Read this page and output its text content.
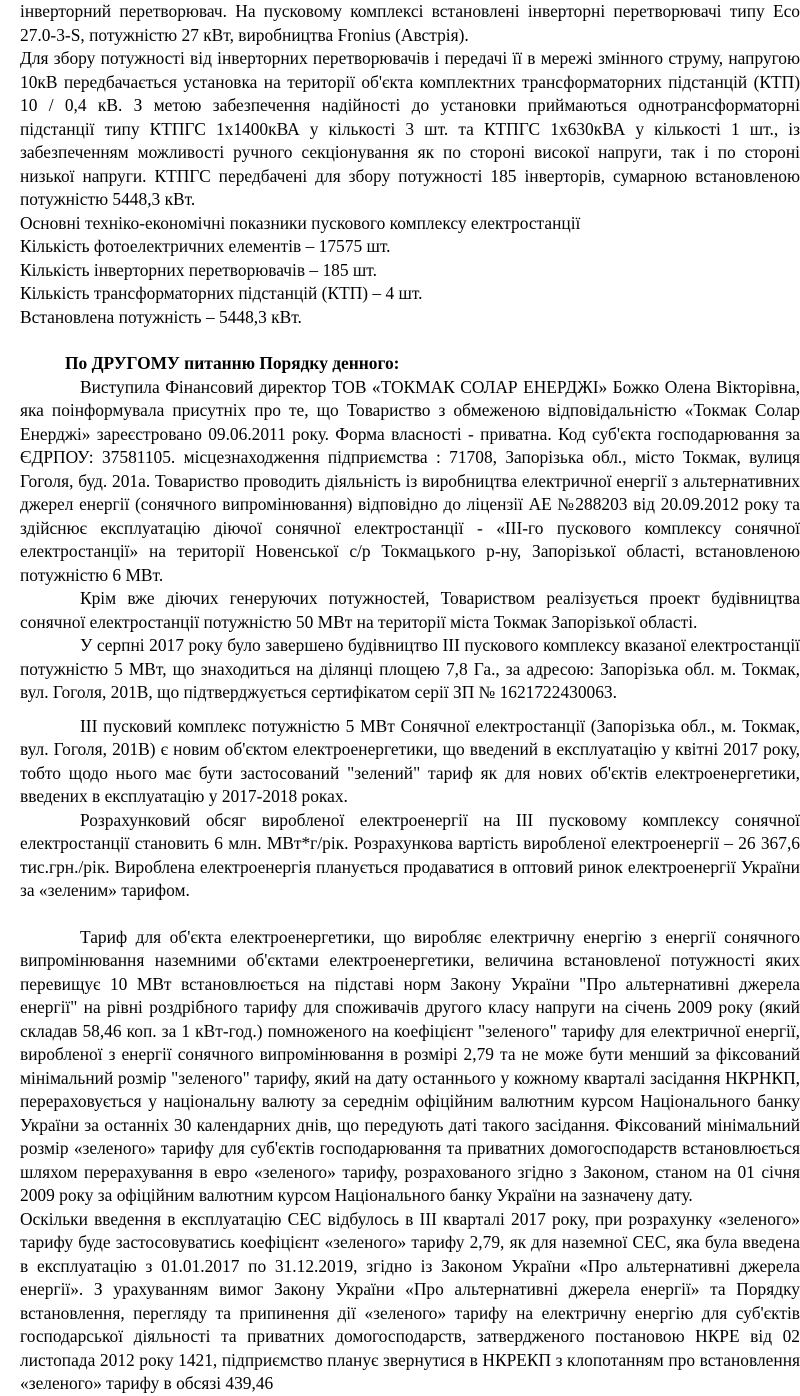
інверторний перетворювач. На пусковому комплексі встановлені інверторні перетворювачі типу Eco 27.0-3-S, потужністю 27 кВт, виробництва Fronius (Австрія).

Для збору потужності від інверторних перетворювачів і передачі її в мережі змінного струму, напругою 10кВ передбачається установка на території об'єкта комплектних трансформаторних підстанцій (КТП) 10 / 0,4 кВ. З метою забезпечення надійності до установки приймаються однотрансформаторні підстанції типу КТПГС 1х1400кВА у кількості 3 шт. та КТПГС 1х630кВА у кількості 1 шт., із забезпеченням можливості ручного секціонування як по стороні високої напруги, так і по стороні низької напруги. КТПГС передбачені для збору потужності 185 інверторів, сумарною встановленою потужністю 5448,3 кВт.

Основні техніко-економічні показники пускового комплексу електростанції

Кількість фотоелектричних елементів – 17575 шт.

Кількість інверторних перетворювачів – 185 шт.

Кількість трансформаторних підстанцій (КТП) – 4 шт.

Встановлена потужність – 5448,3 кВт.

По ДРУГОМУ питанню Порядку денного:

Виступила Фінансовий директор ТОВ «ТОКМАК СОЛАР ЕНЕРДЖІ» Божко Олена Вікторівна, яка поінформувала присутніх про те, що Товариство з обмеженою відповідальністю «Токмак Солар Енерджі» зареєстровано 09.06.2011 року. Форма власності - приватна. Код суб'єкта господарювання за ЄДРПОУ: 37581105. місцезнаходження підприємства : 71708, Запорізька обл., місто Токмак, вулиця Гоголя, буд. 201а. Товариство проводить діяльність із виробництва електричної енергії з альтернативних джерел енергії (сонячного випромінювання) відповідно до ліцензії АЕ №288203 від 20.09.2012 року та здійснює експлуатацію діючої сонячної електростанції - «ІІІ-го пускового комплексу сонячної електростанції» на території Новенської с/р Токмацького р-ну, Запорізької області, встановленою потужністю 6 МВт.

Крім вже діючих генеруючих потужностей, Товариством реалізується проект будівництва сонячної електростанції потужністю 50 МВт на території міста Токмак Запорізької області.

У серпні 2017 року було завершено будівництво ІІІ пускового комплексу вказаної електростанції потужністю 5 МВт, що знаходиться на ділянці площею 7,8 Га., за адресою: Запорізька обл. м. Токмак, вул. Гоголя, 201В, що підтверджується сертифікатом серії ЗП № 1621722430063.

ІІІ пусковий комплекс потужністю 5 МВт Сонячної електростанції (Запорізька обл., м. Токмак, вул. Гоголя, 201В) є новим об'єктом електроенергетики, що введений в експлуатацію у квітні 2017 року, тобто щодо нього має бути застосований "зелений" тариф як для нових об'єктів електроенергетики, введених в експлуатацію у 2017-2018 роках.

Розрахунковий обсяг виробленої електроенергії на ІІІ пусковому комплексу сонячної електростанції становить 6 млн. МВт*г/рік. Розрахункова вартість виробленої електроенергії – 26 367,6 тис.грн./рік. Вироблена електроенергія планується продаватися в оптовий ринок електроенергії України за «зеленим» тарифом.

Тариф для об'єкта електроенергетики, що виробляє електричну енергію з енергії сонячного випромінювання наземними об'єктами електроенергетики, величина встановленої потужності яких перевищує 10 МВт встановлюється на підставі норм Закону України "Про альтернативні джерела енергії" на рівні роздрібного тарифу для споживачів другого класу напруги на січень 2009 року (який складав 58,46 коп. за 1 кВт-год.) помноженого на коефіцієнт "зеленого" тарифу для електричної енергії, виробленої з енергії сонячного випромінювання в розмірі 2,79 та не може бути менший за фіксований мінімальний розмір "зеленого" тарифу, який на дату останнього у кожному кварталі засідання НКРНКП, перераховується у національну валюту за середнім офіційним валютним курсом Національного банку України за останніх 30 календарних днів, що передують даті такого засідання. Фіксований мінімальний розмір «зеленого» тарифу для суб'єктів господарювання та приватних домогосподарств встановлюється шляхом перерахування в евро «зеленого» тарифу, розрахованого згідно з Законом, станом на 01 січня 2009 року за офіційним валютним курсом Національного банку України на зазначену дату.

Оскільки введення в експлуатацію СЕС відбулось в ІІІ кварталі 2017 року, при розрахунку «зеленого» тарифу буде застосовуватись коефіцієнт «зеленого» тарифу 2,79, як для наземної СЕС, яка була введена в експлуатацію з 01.01.2017 по 31.12.2019, згідно із Законом України «Про альтернативні джерела енергії». З урахуванням вимог Закону України «Про альтернативні джерела енергії» та Порядку встановлення, перегляду та припинення дії «зеленого» тарифу на електричну енергію для суб'єктів господарської діяльності та приватних домогосподарств, затвердженого постановою НКРЕ від 02 листопада 2012 року 1421, підприємство планує звернутися в НКРЕКП з клопотанням про встановлення «зеленого» тарифу в обсязі 439,46
